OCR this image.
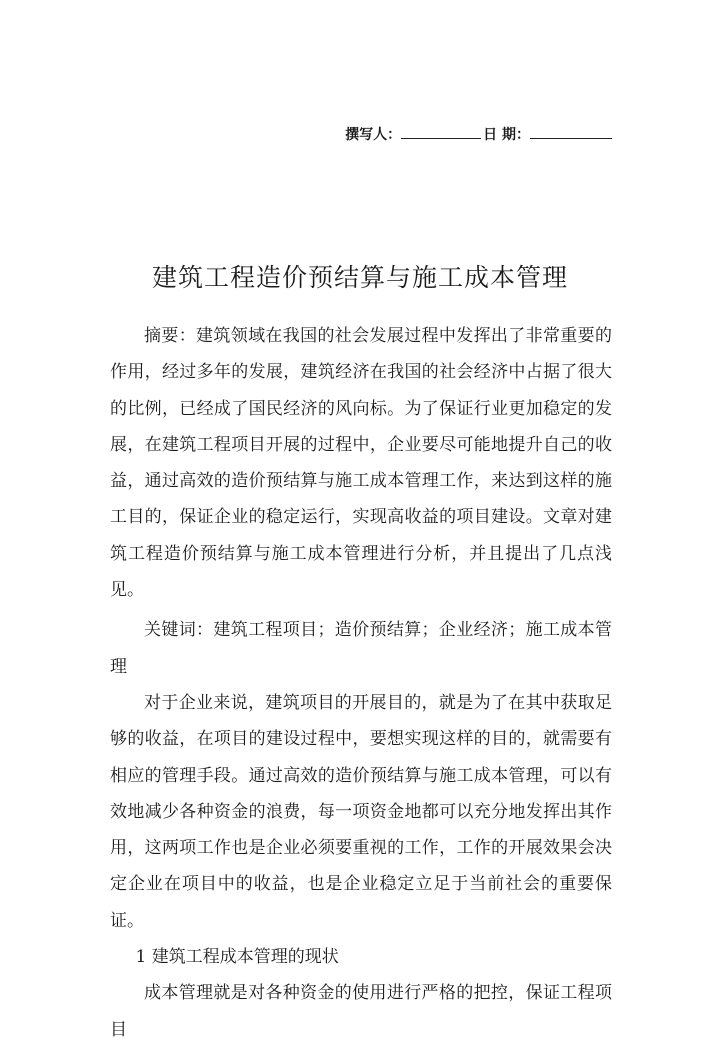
撰写人：	日 期：
建筑工程造价预结算与施工成本管理

摘要：建筑领域在我国的社会发展过程中发挥出了非常重要的作用，经过多年的发展，建筑经济在我国的社会经济中占据了很大的比例，已经成了国民经济的风向标。为了保证行业更加稳定的发展，在建筑工程项目开展的过程中，企业要尽可能地提升自己的收益，通过高效的造价预结算与施工成本管理工作，来达到这样的施工目的，保证企业的稳定运行，实现高收益的项目建设。文章对建筑工程造价预结算与施工成本管理进行分析，并且提出了几点浅见。

关键词：建筑工程项目；造价预结算；企业经济；施工成本管理

对于企业来说，建筑项目的开展目的，就是为了在其中获取足够的收益，在项目的建设过程中，要想实现这样的目的，就需要有相应的管理手段。通过高效的造价预结算与施工成本管理，可以有效地减少各种资金的浪费，每一项资金地都可以充分地发挥出其作用，这两项工作也是企业必须要重视的工作，工作的开展效果会决定企业在项目中的收益，也是企业稳定立足于当前社会的重要保证。

1 建筑工程成本管理的现状

成本管理就是对各种资金的使用进行严格的把控，保证工程项目
